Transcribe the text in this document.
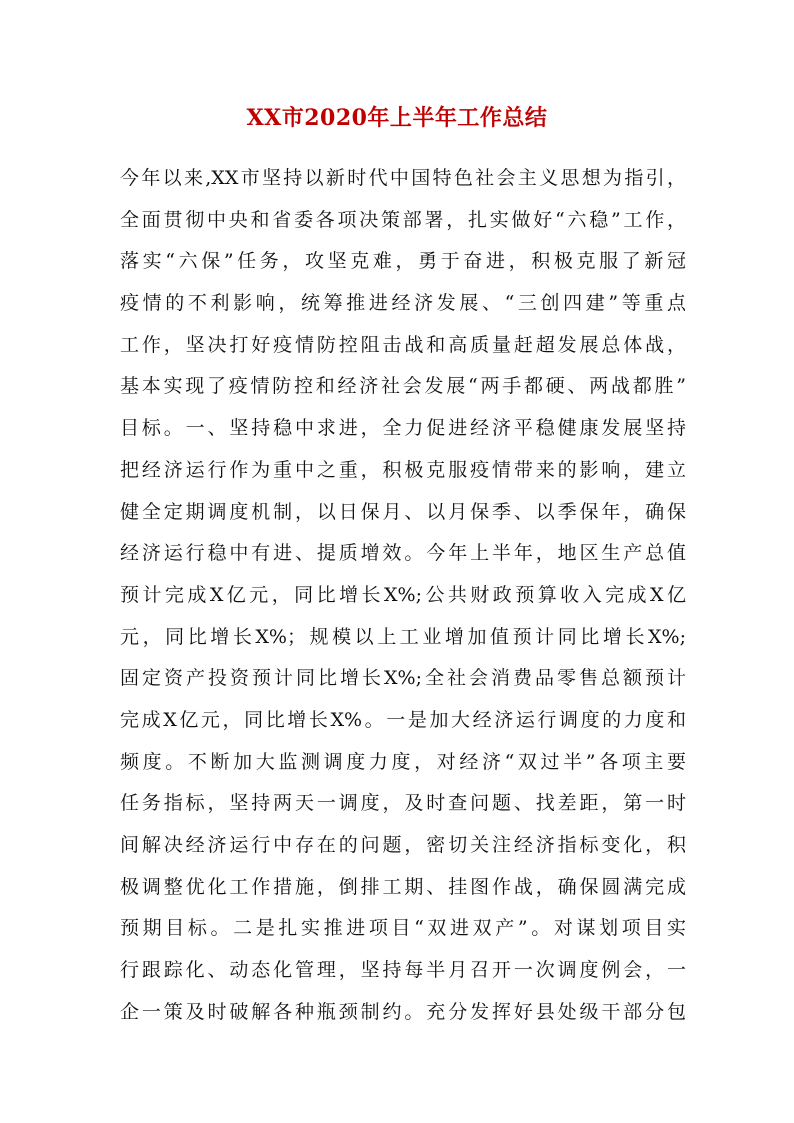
XX市2020年上半年工作总结
今年以来,XX市坚持以新时代中国特色社会主义思想为指引，
全面贯彻中央和省委各项决策部署，扎实做好“六稳”工作，
落实“六保”任务，攻坚克难，勇于奋进，积极克服了新冠
疫情的不利影响，统筹推进经济发展、“三创四建”等重点
工作，坚决打好疫情防控阻击战和高质量赶超发展总体战，
基本实现了疫情防控和经济社会发展“两手都硬、两战都胜”
目标。一、坚持稳中求进，全力促进经济平稳健康发展坚持
把经济运行作为重中之重，积极克服疫情带来的影响，建立
健全定期调度机制，以日保月、以月保季、以季保年，确保
经济运行稳中有进、提质增效。今年上半年，地区生产总值
预计完成X亿元，同比增长X%;公共财政预算收入完成X亿
元，同比增长X%；规模以上工业增加值预计同比增长X%;
固定资产投资预计同比增长X%;全社会消费品零售总额预计
完成X亿元，同比增长X%。一是加大经济运行调度的力度和
频度。不断加大监测调度力度，对经济“双过半”各项主要
任务指标，坚持两天一调度，及时查问题、找差距，第一时
间解决经济运行中存在的问题，密切关注经济指标变化，积
极调整优化工作措施，倒排工期、挂图作战，确保圆满完成
预期目标。二是扎实推进项目“双进双产”。对谋划项目实
行跟踪化、动态化管理，坚持每半月召开一次调度例会，一
企一策及时破解各种瓶颈制约。充分发挥好县处级干部分包
